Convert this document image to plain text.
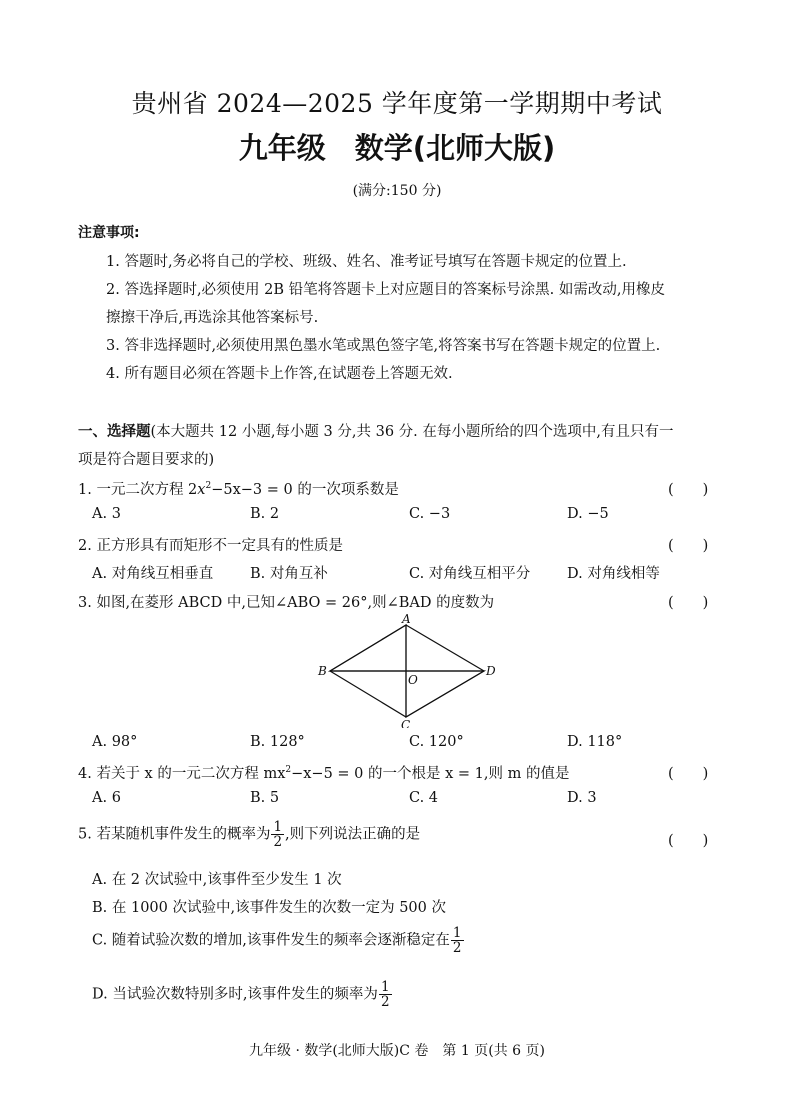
贵州省 2024—2025 学年度第一学期期中考试
九年级　数学(北师大版)
(满分:150 分)
注意事项:
1. 答题时,务必将自己的学校、班级、姓名、准考证号填写在答题卡规定的位置上.
2. 答选择题时,必须使用 2B 铅笔将答题卡上对应题目的答案标号涂黑. 如需改动,用橡皮
擦擦干净后,再选涂其他答案标号.
3. 答非选择题时,必须使用黑色墨水笔或黑色签字笔,将答案书写在答题卡规定的位置上.
4. 所有题目必须在答题卡上作答,在试题卷上答题无效.
一、选择题(本大题共 12 小题,每小题 3 分,共 36 分. 在每小题所给的四个选项中,有且只有一
项是符合题目要求的)
1. 一元二次方程 $2x^2-5x-3 = 0$ 的一次项系数是	(　　)
A. 3	B. 2	C. −3	D. −5
2. 正方形具有而矩形不一定具有的性质是	(　　)
A. 对角线互相垂直	B. 对角互补	C. 对角线互相平分	D. 对角线相等
3. 如图,在菱形 ABCD 中,已知∠ABO = 26°,则∠BAD 的度数为	(　　)
A
B
O
D
C
A. 98°	B. 128°	C. 120°	D. 118°
4. 若关于 x 的一元二次方程 $mx^2-x-5 = 0$ 的一个根是 x = 1,则 m 的值是	(　　)
A. 6	B. 5	C. 4	D. 3
5. 若某随机事件发生的概率为 $\frac{1}{2}$ ,则下列说法正确的是	(　　)
A. 在 2 次试验中,该事件至少发生 1 次
B. 在 1000 次试验中,该事件发生的次数一定为 500 次
C. 随着试验次数的增加,该事件发生的频率会逐渐稳定在 $\frac{1}{2}$
D. 当试验次数特别多时,该事件发生的频率为 $\frac{1}{2}$
九年级 · 数学(北师大版)C 卷　第 1 页(共 6 页)
